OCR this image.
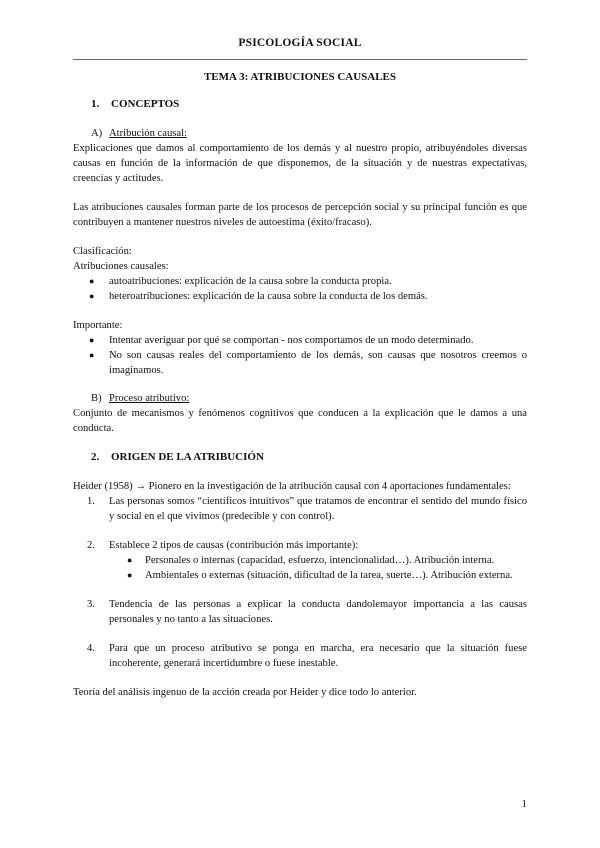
PSICOLOGÍA SOCIAL
TEMA 3: ATRIBUCIONES CAUSALES
1. CONCEPTOS
A) Atribución causal:

Explicaciones que damos al comportamiento de los demás y al nuestro propio, atribuyéndoles diversas causas en función de la información de que disponemos, de la situación y de nuestras expectativas, creencias y actitudes.

Las atribuciones causales forman parte de los procesos de percepción social y su principal función es que contribuyen a mantener nuestros niveles de autoestima (éxito/fracaso).

Clasificación:

Atribuciones causales:

● autoatribuciones: explicación de la causa sobre la conducta propia.
● heteroatribuciones: explicación de la causa sobre la conducta de los demás.

Importante:

● Intentar averiguar por qué se comportan - nos comportamos de un modo determinado.
● No son causas reales del comportamiento de los demás, son causas que nosotros creemos o imaginamos.
B) Proceso atributivo:

Conjunto de mecanismos y fenómenos cognitivos que conducen a la explicación que le damos a una conducta.

2. ORIGEN DE LA ATRIBUCIÓN

Heider (1958) → Pionero en la investigación de la atribución causal con 4 aportaciones fundamentales:

1. Las personas somos “científicos intuitivos” que tratamos de encontrar el sentido del mundo físico y social en el que vivimos (predecible y con control).
2. Establece 2 tipos de causas (contribución más importante):
● Personales o internas (capacidad, esfuerzo, intencionalidad…). Atribución interna.
● Ambientales o externas (situación, dificultad de la tarea, suerte…). Atribución externa.
3. Tendencia de las personas a explicar la conducta dandolemayor importancia a las causas personales y no tanto a las situaciones.
4. Para que un proceso atributivo se ponga en marcha, era necesario que la situación fuese incoherente, generará incertidumbre o fuese inestable.

Teoría del análisis ingenuo de la acción creada por Heider y dice todo lo anterior.

1
